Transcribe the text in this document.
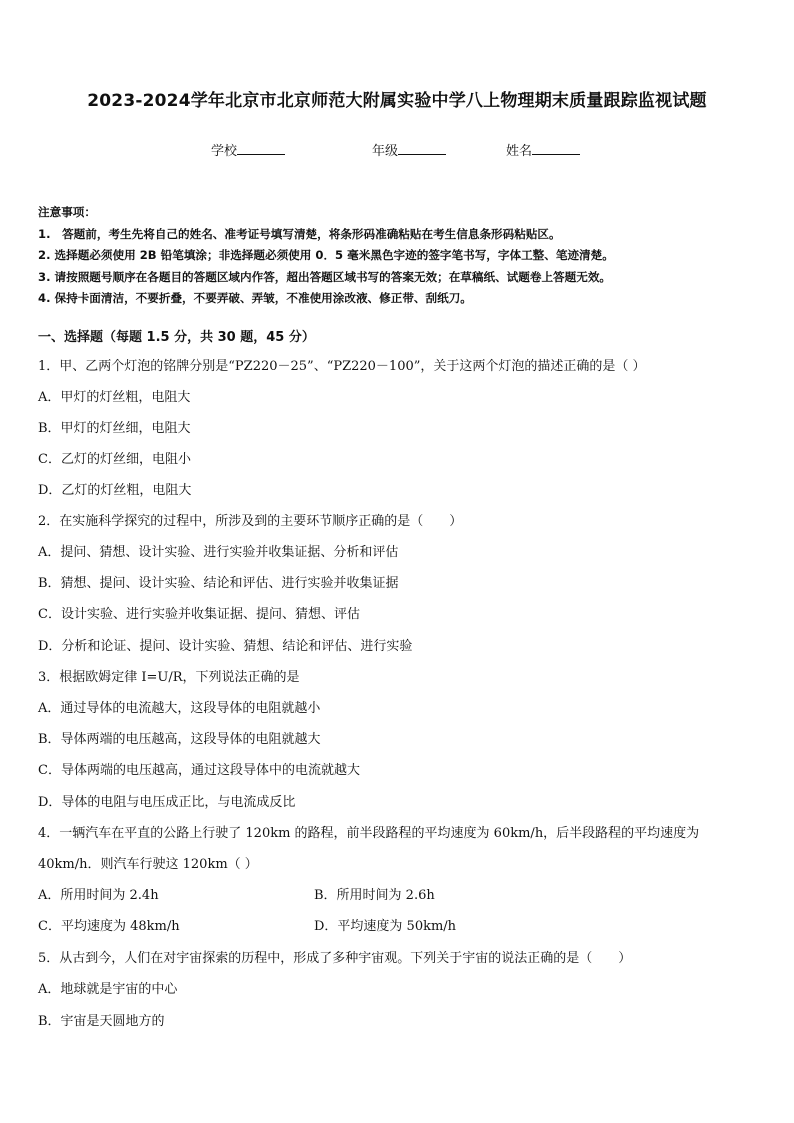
2023-2024学年北京市北京师范大附属实验中学八上物理期末质量跟踪监视试题
学校	年级	姓名
注意事项：
1.　答题前，考生先将自己的姓名、准考证号填写清楚，将条形码准确粘贴在考生信息条形码粘贴区。
2. 选择题必须使用 2B 铅笔填涂；非选择题必须使用 0．5 毫米黑色字迹的签字笔书写，字体工整、笔迹清楚。
3. 请按照题号顺序在各题目的答题区域内作答，超出答题区域书写的答案无效；在草稿纸、试题卷上答题无效。
4. 保持卡面清洁，不要折叠，不要弄破、弄皱，不准使用涂改液、修正带、刮纸刀。
一、选择题（每题 1.5 分，共 30 题，45 分）
1．甲、乙两个灯泡的铭牌分别是“PZ220－25”、“PZ220－100”，关于这两个灯泡的描述正确的是（ ）
A．甲灯的灯丝粗，电阻大
B．甲灯的灯丝细，电阻大
C．乙灯的灯丝细，电阻小
D．乙灯的灯丝粗，电阻大
2．在实施科学探究的过程中，所涉及到的主要环节顺序正确的是（　　）
A．提问、猜想、设计实验、进行实验并收集证据、分析和评估
B．猜想、提问、设计实验、结论和评估、进行实验并收集证据
C．设计实验、进行实验并收集证据、提问、猜想、评估
D．分析和论证、提问、设计实验、猜想、结论和评估、进行实验
3．根据欧姆定律 I=U/R，下列说法正确的是
A．通过导体的电流越大，这段导体的电阻就越小
B．导体两端的电压越高，这段导体的电阻就越大
C．导体两端的电压越高，通过这段导体中的电流就越大
D．导体的电阻与电压成正比，与电流成反比
4．一辆汽车在平直的公路上行驶了 120km 的路程，前半段路程的平均速度为 60km/h，后半段路程的平均速度为
40km/h．则汽车行驶这 120km（ ）
A．所用时间为 2.4h	B．所用时间为 2.6h
C．平均速度为 48km/h	D．平均速度为 50km/h
5．从古到今，人们在对宇宙探索的历程中，形成了多种宇宙观。下列关于宇宙的说法正确的是（　　）
A．地球就是宇宙的中心
B．宇宙是天圆地方的
